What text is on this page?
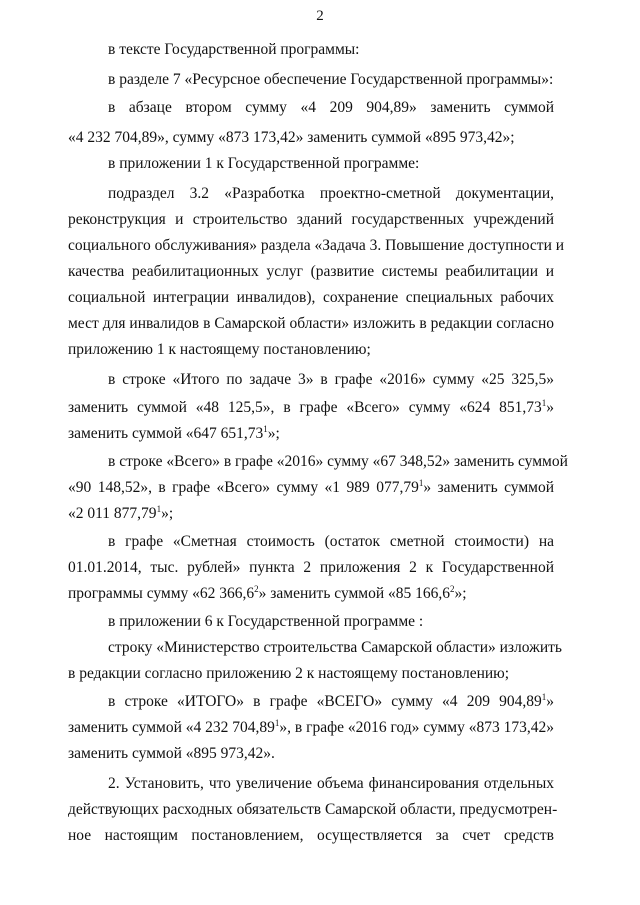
2
в тексте Государственной программы:
в разделе 7 «Ресурсное обеспечение Государственной программы»:
в абзаце втором сумму «4 209 904,89» заменить суммой
«4 232 704,89», сумму «873 173,42» заменить суммой «895 973,42»;
в приложении 1 к Государственной программе:
подраздел 3.2 «Разработка проектно-сметной документации,
реконструкция и строительство зданий государственных учреждений
социального обслуживания» раздела «Задача 3. Повышение доступности и
качества реабилитационных услуг (развитие системы реабилитации и
социальной интеграции инвалидов), сохранение специальных рабочих
мест для инвалидов в Самарской области» изложить в редакции согласно
приложению 1 к настоящему постановлению;
в строке «Итого по задаче 3» в графе «2016» сумму «25 325,5»
заменить суммой «48 125,5», в графе «Всего» сумму «624 851,73$^1$»
заменить суммой «647 651,73$^1$»;
в строке «Всего» в графе «2016» сумму «67 348,52» заменить суммой
«90 148,52», в графе «Всего» сумму «1 989 077,79$^1$» заменить суммой
«2 011 877,79$^1$»;
в графе «Сметная стоимость (остаток сметной стоимости) на
01.01.2014, тыс. рублей» пункта 2 приложения 2 к Государственной
программы сумму «62 366,6$^2$» заменить суммой «85 166,6$^2$»;
в приложении 6 к Государственной программе :
строку «Министерство строительства Самарской области» изложить
в редакции согласно приложению 2 к настоящему постановлению;
в строке «ИТОГО» в графе «ВСЕГО» сумму «4 209 904,89$^1$»
заменить суммой «4 232 704,89$^1$», в графе «2016 год» сумму «873 173,42»
заменить суммой «895 973,42».
2. Установить, что увеличение объема финансирования отдельных
действующих расходных обязательств Самарской области, предусмотрен-
ное настоящим постановлением, осуществляется за счет средств
